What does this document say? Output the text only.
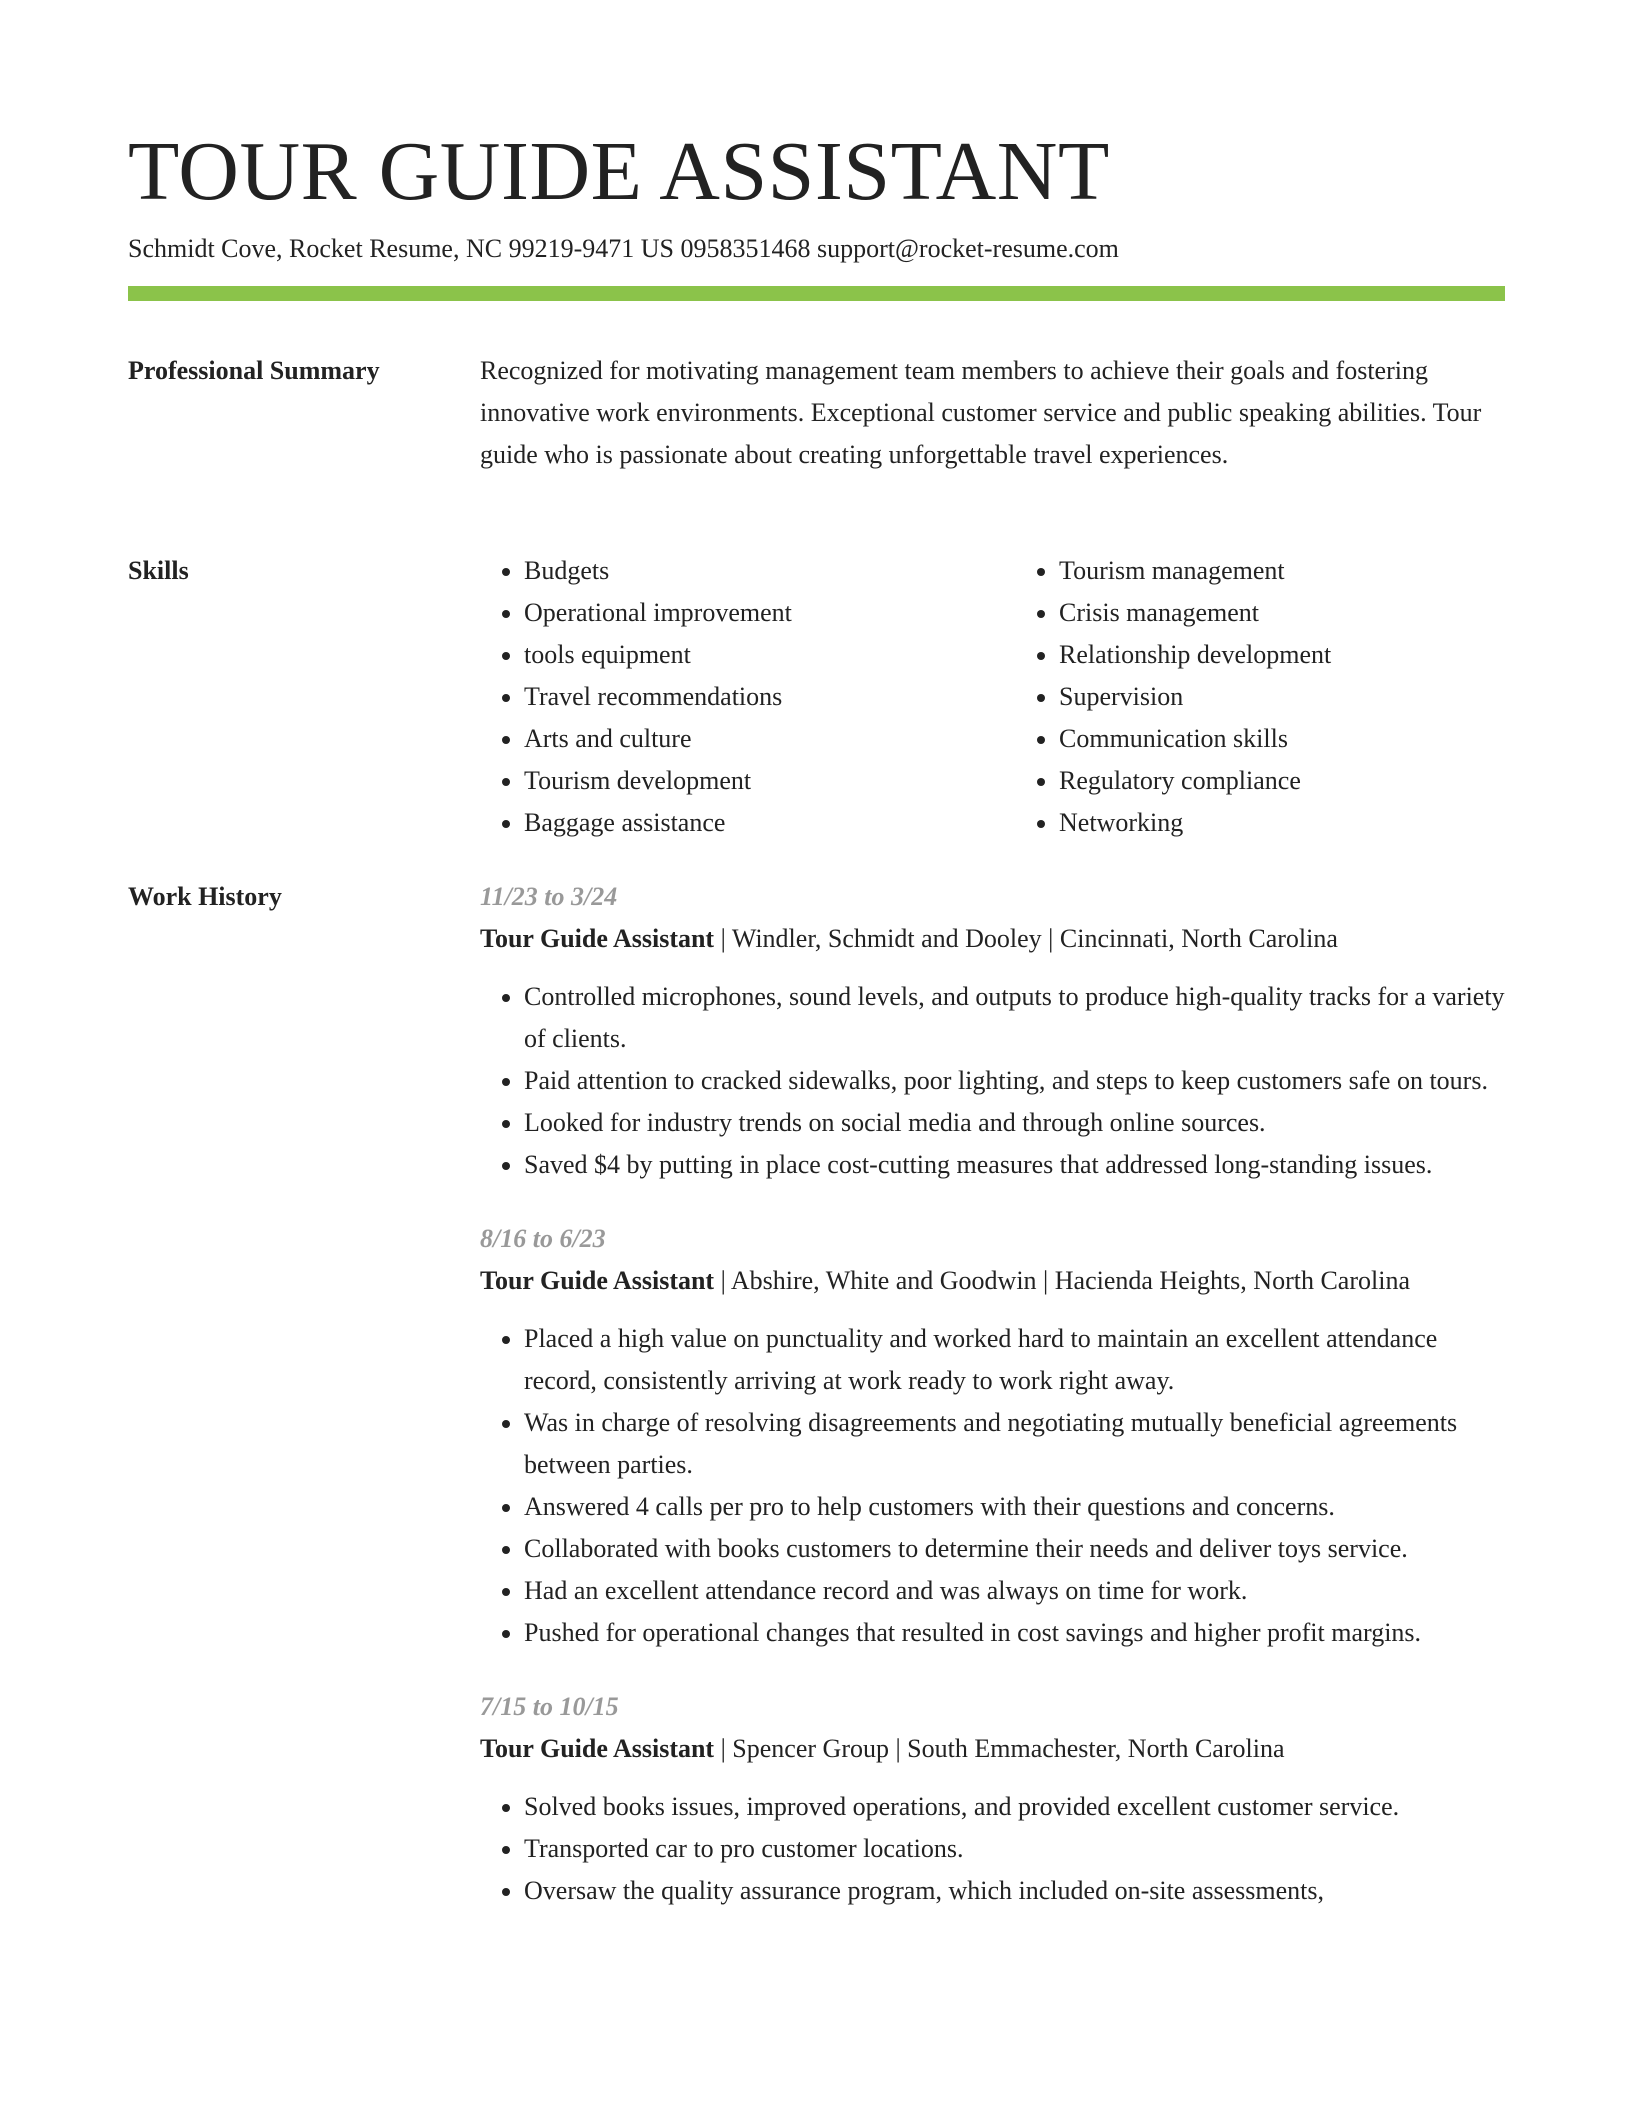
TOUR GUIDE ASSISTANT
Schmidt Cove, Rocket Resume, NC 99219-9471 US 0958351468 support@rocket-resume.com
Professional Summary	Recognized for motivating management team members to achieve their goals and fostering innovative work environments. Exceptional customer service and public speaking abilities. Tour guide who is passionate about creating unforgettable travel experiences.

Skills
•	Budgets
• Operational improvement
• tools equipment
• Travel recommendations
• Arts and culture
• Tourism development
• Baggage assistance
• Tourism management
• Crisis management
• Relationship development
• Supervision
• Communication skills
• Regulatory compliance
• Networking
Work History	11/23 to 3/24
Tour Guide Assistant | Windler, Schmidt and Dooley | Cincinnati, North Carolina
• Controlled microphones, sound levels, and outputs to produce high-quality tracks for a variety of clients.
• Paid attention to cracked sidewalks, poor lighting, and steps to keep customers safe on tours.
• Looked for industry trends on social media and through online sources.
• Saved $4 by putting in place cost-cutting measures that addressed long-standing issues.
8/16 to 6/23
Tour Guide Assistant | Abshire, White and Goodwin | Hacienda Heights, North Carolina
• Placed a high value on punctuality and worked hard to maintain an excellent attendance record, consistently arriving at work ready to work right away.
• Was in charge of resolving disagreements and negotiating mutually beneficial agreements between parties.
• Answered 4 calls per pro to help customers with their questions and concerns.
• Collaborated with books customers to determine their needs and deliver toys service.
• Had an excellent attendance record and was always on time for work.
• Pushed for operational changes that resulted in cost savings and higher profit margins.
7/15 to 10/15
Tour Guide Assistant | Spencer Group | South Emmachester, North Carolina
• Solved books issues, improved operations, and provided excellent customer service.
• Transported car to pro customer locations.
• Oversaw the quality assurance program, which included on-site assessments,
